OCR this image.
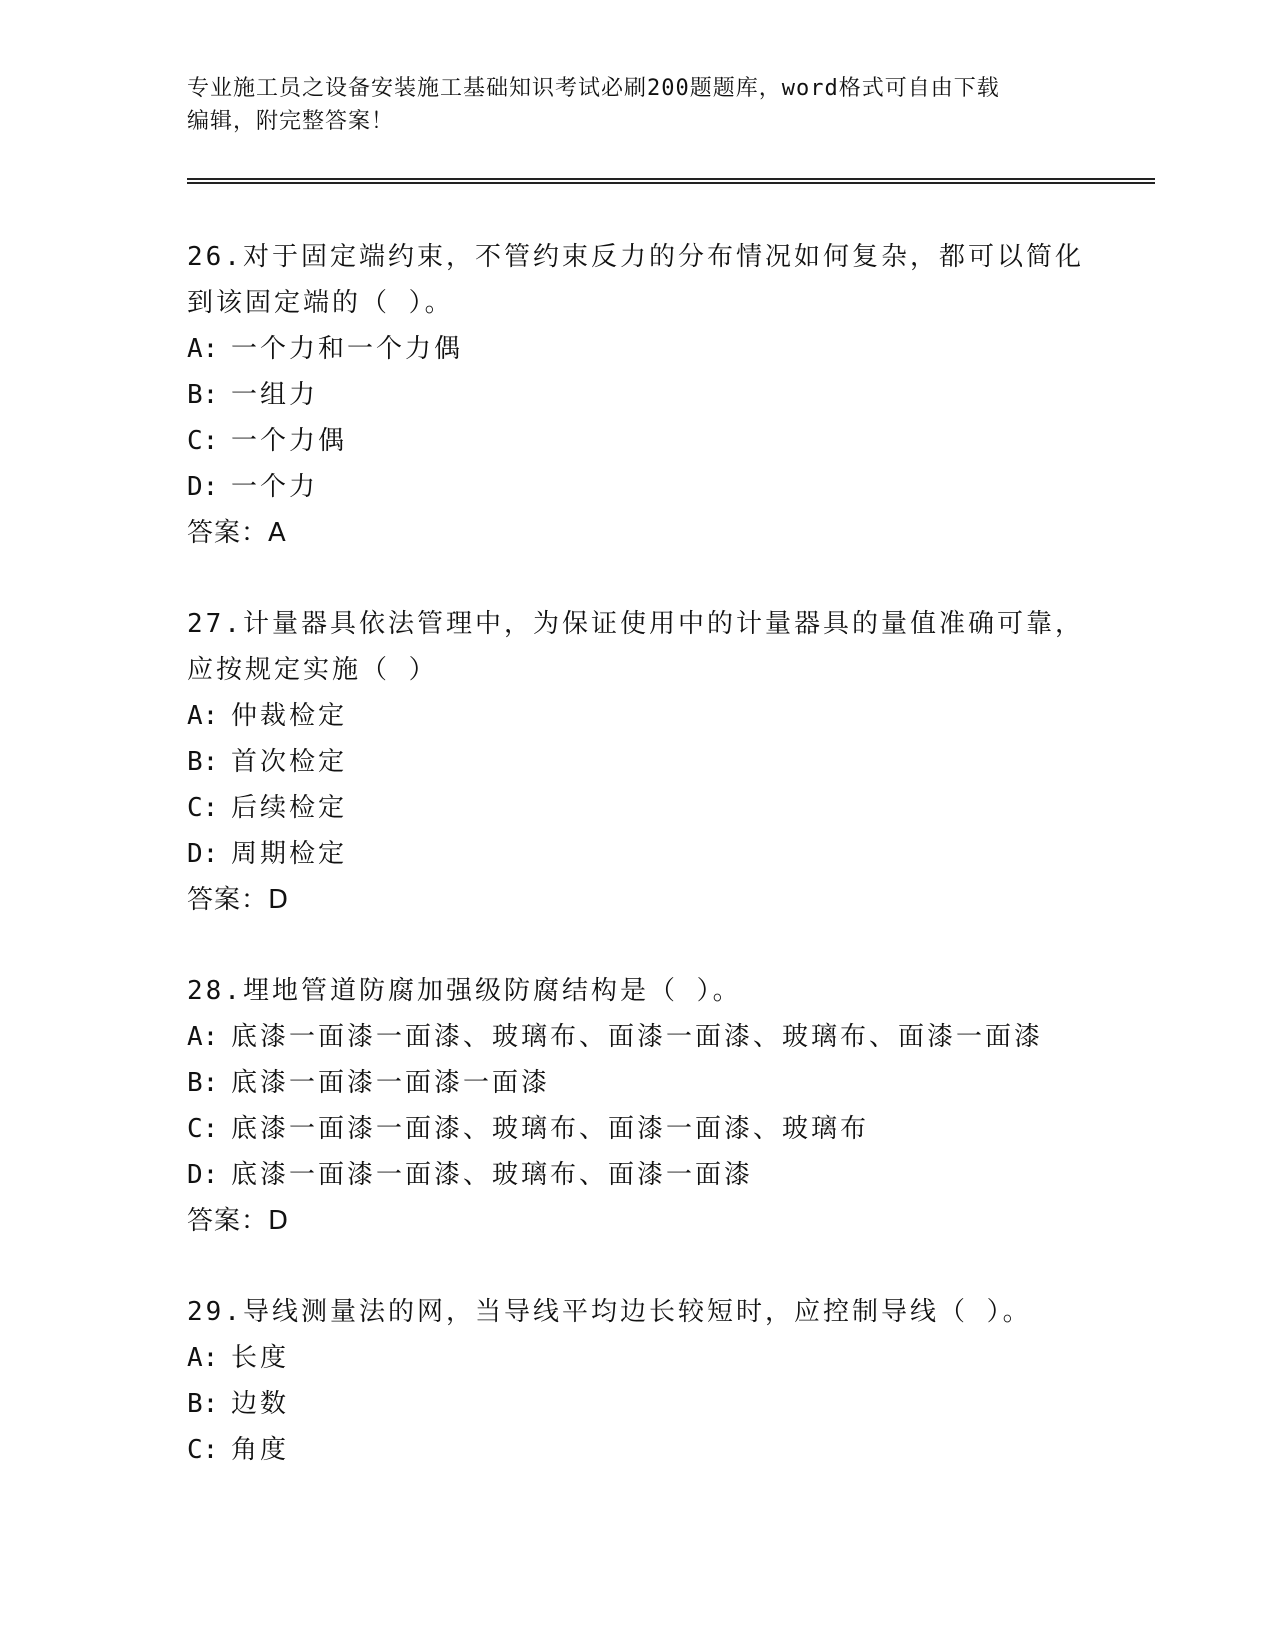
专业施工员之设备安装施工基础知识考试必刷200题题库，word格式可自由下载
编辑，附完整答案！
26.对于固定端约束，不管约束反力的分布情况如何复杂，都可以简化
到该固定端的（ ）。
A: 一个力和一个力偶
B: 一组力
C: 一个力偶
D: 一个力
答案：A
27.计量器具依法管理中，为保证使用中的计量器具的量值准确可靠，
应按规定实施（ ）
A: 仲裁检定
B: 首次检定
C: 后续检定
D: 周期检定
答案：D
28.埋地管道防腐加强级防腐结构是（ ）。
A: 底漆一面漆一面漆、玻璃布、面漆一面漆、玻璃布、面漆一面漆
B: 底漆一面漆一面漆一面漆
C: 底漆一面漆一面漆、玻璃布、面漆一面漆、玻璃布
D: 底漆一面漆一面漆、玻璃布、面漆一面漆
答案：D
29.导线测量法的网，当导线平均边长较短时，应控制导线（ ）。
A: 长度
B: 边数
C: 角度
